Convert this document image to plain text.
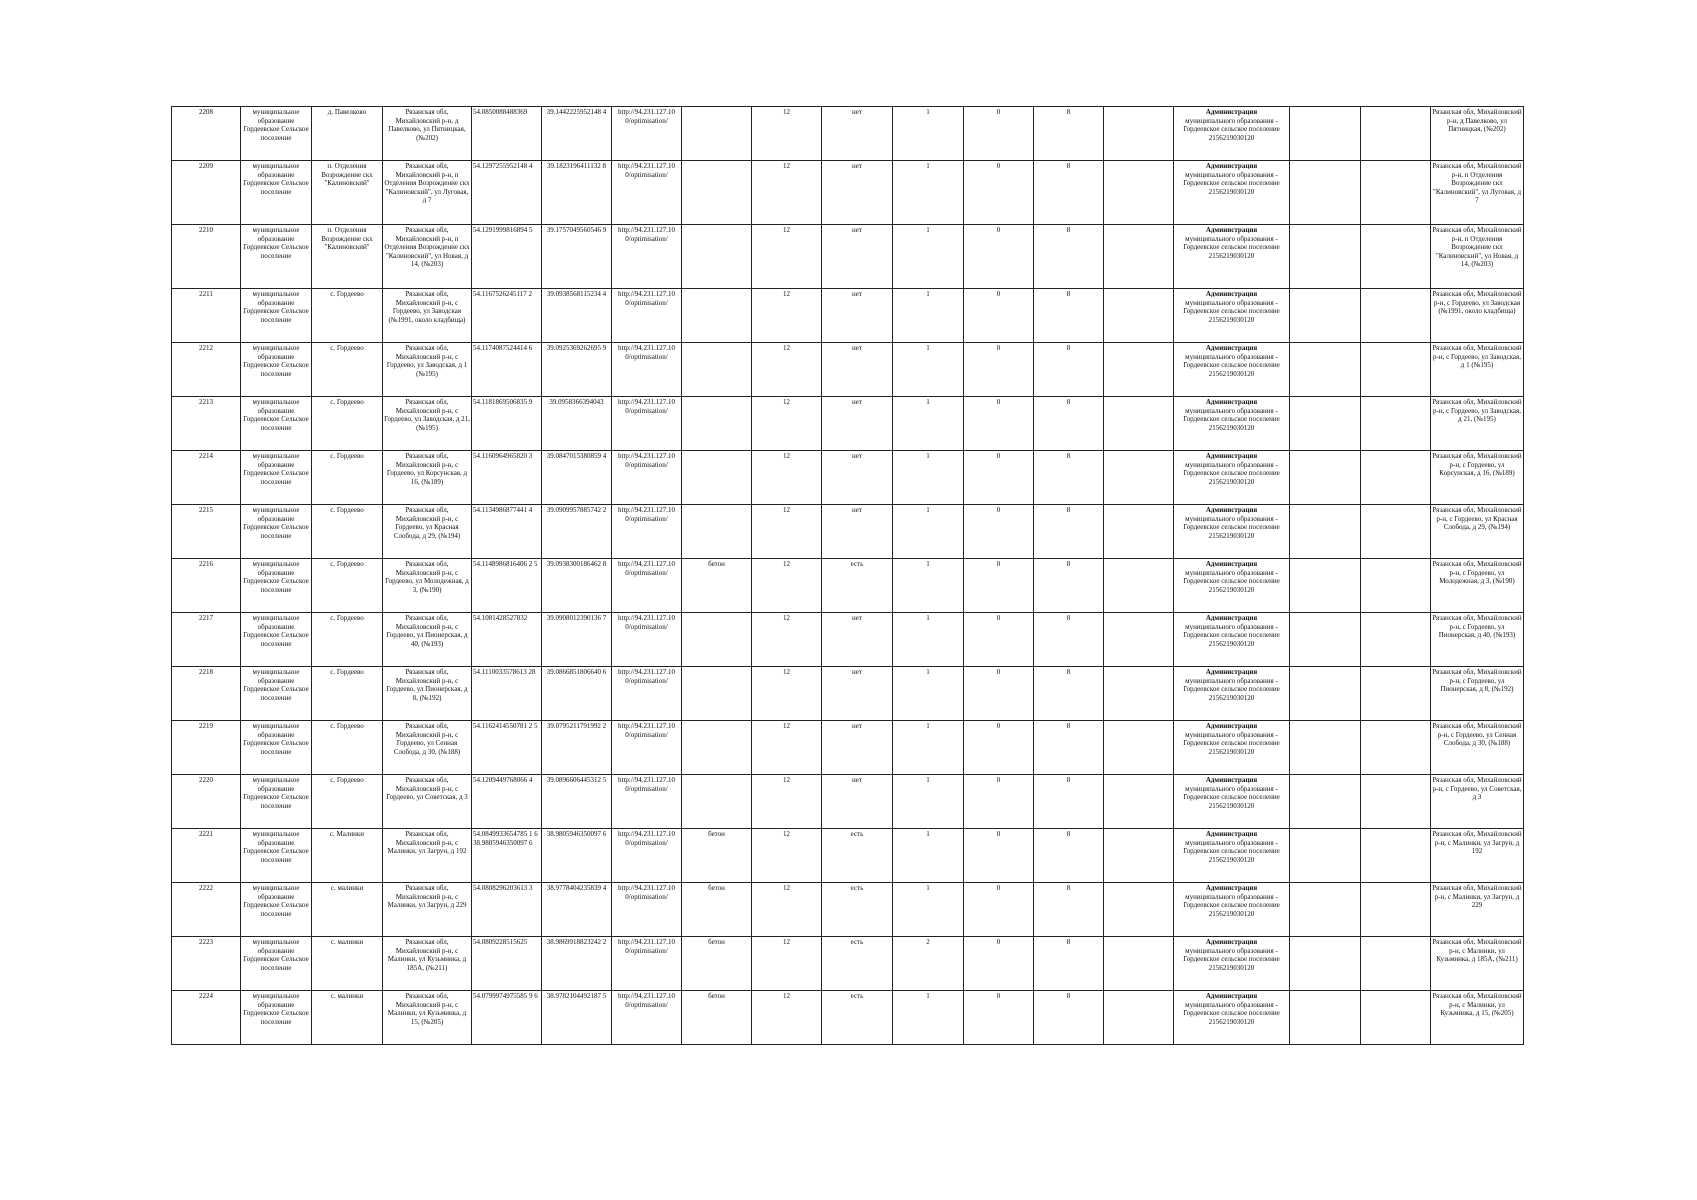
2208	муниципальное образование Гордеевское Сельское поселение	д. Павелково	Рязанская обл, Михайловский р-н, д Павелково, ул Пятницкая, (№202)	54.0850088488369	39.1442225952148 4	http://94.231.127.10 0/optimisation/		12	нет	1	0	8		Администрация
муниципального образования - Гордеевское сельское поселение
2156219030120			Рязанская обл, Михайловский р-н, д Павелково, ул Пятницкая, (№202)
2209	муниципальное образование Гордеевское Сельское поселение	п. Отделения Возрождение скх "Калиновский"	Рязанская обл, Михайловский р-н, п Отделения Возрождение скх "Калиновский", ул Луговая, д 7	54.1297255952148 4	39.1823196411132 8	http://94.231.127.10 0/optimisation/		12	нет	1	0	8		Администрация
муниципального образования - Гордеевское сельское поселение
2156219030120			Рязанская обл, Михайловский р-н, п Отделения Возрождение скх "Калиновский", ул Луговая, д 7
2210	муниципальное образование Гордеевское Сельское поселение	п. Отделения Возрождение скх "Калиновский"	Рязанская обл, Михайловский р-н, п Отделения Возрождение скх "Калиновский", ул Новая, д 14, (№203)	54.1291999816894 5	39.1757049560546 9	http://94.231.127.10 0/optimisation/		12	нет	1	0	8		Администрация
муниципального образования - Гордеевское сельское поселение
2156219030120			Рязанская обл, Михайловский р-н, п Отделения Возрождение скх "Калиновский", ул Новая, д 14, (№203)
2211	муниципальное образование Гордеевское Сельское поселение	с. Гордеево	Рязанская обл, Михайловский р-н, с Гордеево, ул Заводская (№1991, около кладбища)	54.1167526245117 2	39.0938568115234 4	http://94.231.127.10 0/optimisation/		12	нет	1	0	8		Администрация
муниципального образования - Гордеевское сельское поселение
2156219030120			Рязанская обл, Михайловский р-н, с Гордеево, ул Заводская (№1991, около кладбища)
2212	муниципальное образование Гордеевское Сельское поселение	с. Гордеево	Рязанская обл, Михайловский р-н, с Гордеево, ул Заводская, д 1 (№195)	54.1174087524414 6	39.0925369262695 9	http://94.231.127.10 0/optimisation/		12	нет	1	0	8		Администрация
муниципального образования - Гордеевское сельское поселение
2156219030120			Рязанская обл, Михайловский р-н, с Гордеево, ул Заводская, д 1 (№195)
2213	муниципальное образование Гордеевское Сельское поселение	с. Гордеево	Рязанская обл, Михайловский р-н, с Гордеево, ул Заводская, д 21, (№195)	54.1181869506835 9	39.0958366394043	http://94.231.127.10 0/optimisation/		12	нет	1	0	8		Администрация
муниципального образования - Гордеевское сельское поселение
2156219030120			Рязанская обл, Михайловский р-н, с Гордеево, ул Заводская, д 21, (№195)
2214	муниципальное образование Гордеевское Сельское поселение	с. Гордеево	Рязанская обл, Михайловский р-н, с Гордеево, ул Корсунская, д 16, (№189)	54.1160964965820 3	39.0847015380859 4	http://94.231.127.10 0/optimisation/		12	нет	1	0	8		Администрация
муниципального образования - Гордеевское сельское поселение
2156219030120			Рязанская обл, Михайловский р-н, с Гордеево, ул Корсунская, д 16, (№189)
2215	муниципальное образование Гордеевское Сельское поселение	с. Гордеево	Рязанская обл, Михайловский р-н, с Гордеево, ул Красная Слобода, д 29, (№194)	54.1134986877441 4	39.0909957885742 2	http://94.231.127.10 0/optimisation/		12	нет	1	0	8		Администрация
муниципального образования - Гордеевское сельское поселение
2156219030120			Рязанская обл, Михайловский р-н, с Гордеево, ул Красная Слобода, д 29, (№194)
2216	муниципальное образование Гордеевское Сельское поселение	с. Гордеево	Рязанская обл, Михайловский р-н, с Гордеево, ул Молодежная, д 3, (№190)	54.1148986816406 2 5	39.0938300186462 8	http://94.231.127.10 0/optimisation/	бетон	12	есть	1	0	8		Администрация
муниципального образования - Гордеевское сельское поселение
2156219030120			Рязанская обл, Михайловский р-н, с Гордеево, ул Молодежная, д 3, (№190)
2217	муниципальное образование Гордеевское Сельское поселение	с. Гордеево	Рязанская обл, Михайловский р-н, с Гордеево, ул Пионерская, д 40, (№193)	54.1081428527832	39.0908012390136 7	http://94.231.127.10 0/optimisation/		12	нет	1	0	8		Администрация
муниципального образования - Гордеевское сельское поселение
2156219030120			Рязанская обл, Михайловский р-н, с Гордеево, ул Пионерская, д 40, (№193)
2218	муниципальное образование Гордеевское Сельское поселение	с. Гордеево	Рязанская обл, Михайловский р-н, с Гордеево, ул Пионерская, д 8, (№192)	54.1110033578613 28	39.0866851806640 6	http://94.231.127.10 0/optimisation/		12	нет	1	0	8		Администрация
муниципального образования - Гордеевское сельское поселение
2156219030120			Рязанская обл, Михайловский р-н, с Гордеево, ул Пионерская, д 8, (№192)
2219	муниципальное образование Гордеевское Сельское поселение	с. Гордеево	Рязанская обл, Михайловский р-н, с Гордеево, ул Сенная Слобода, д 30, (№188)	54.1162414550781 2 5	39.0795211791992 2	http://94.231.127.10 0/optimisation/		12	нет	1	0	8		Администрация
муниципального образования - Гордеевское сельское поселение
2156219030120			Рязанская обл, Михайловский р-н, с Гордеево, ул Сенная Слобода, д 30, (№188)
2220	муниципальное образование Гордеевское Сельское поселение	с. Гордеево	Рязанская обл, Михайловский р-н, с Гордеево, ул Советская, д 3	54.1209449768066 4	39.0896606445312 5	http://94.231.127.10 0/optimisation/		12	нет	1	0	8		Администрация
муниципального образования - Гордеевское сельское поселение
2156219030120			Рязанская обл, Михайловский р-н, с Гордеево, ул Советская, д 3
2221	муниципальное образование Гордеевское Сельское поселение	с. Малинки	Рязанская обл, Михайловский р-н, с Малинки, ул Загрун, д 192	54.0849933654785 1 6 38.9805946350097 6	38.9805946350097 6	http://94.231.127.10 0/optimisation/	бетон	12	есть	1	0	8		Администрация
муниципального образования - Гордеевское сельское поселение
2156219030120			Рязанская обл, Михайловский р-н, с Малинки, ул Загрун, д 192
2222	муниципальное образование Гордеевское Сельское поселение	с. малинки	Рязанская обл, Михайловский р-н, с Малинки, ул Загрун, д 229	54.0808296203613 3	38.9778404235839 4	http://94.231.127.10 0/optimisation/	бетон	12	есть	1	0	8		Администрация
муниципального образования - Гордеевское сельское поселение
2156219030120			Рязанская обл, Михайловский р-н, с Малинки, ул Загрун, д 229
2223	муниципальное образование Гордеевское Сельское поселение	с. малинки	Рязанская обл, Михайловский р-н, с Малинки, ул Кузьминка, д 185А, (№211)	54.0809228515625	38.9869918823242 2	http://94.231.127.10 0/optimisation/	бетон	12	есть	2	0	8		Администрация
муниципального образования - Гордеевское сельское поселение
2156219030120			Рязанская обл, Михайловский р-н, с Малинки, ул Кузьминка, д 185А, (№211)
2224	муниципальное образование Гордеевское Сельское поселение	с. малинки	Рязанская обл, Михайловский р-н, с Малинки, ул Кузьминка, д 15, (№205)	54.0799974975585 9 6	38.9782104492187 5	http://94.231.127.10 0/optimisation/	бетон	12	есть	1	0	8		Администрация
муниципального образования - Гордеевское сельское поселение
2156219030120			Рязанская обл, Михайловский р-н, с Малинки, ул Кузьминка, д 15, (№205)
